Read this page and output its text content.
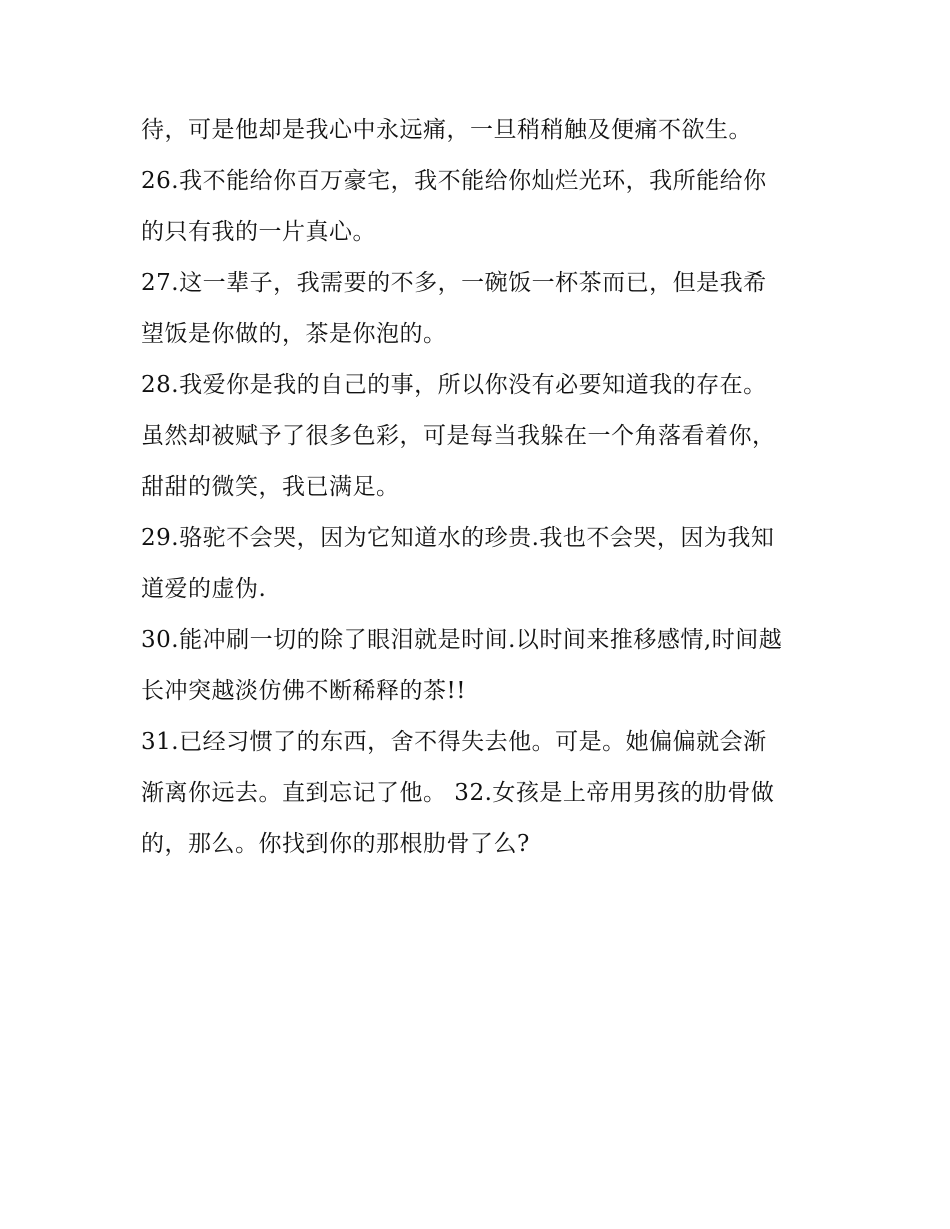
待，可是他却是我心中永远痛，一旦稍稍触及便痛不欲生。
26.我不能给你百万豪宅，我不能给你灿烂光环，我所能给你
的只有我的一片真心。
27.这一辈子，我需要的不多，一碗饭一杯茶而已，但是我希
望饭是你做的，茶是你泡的。
28.我爱你是我的自己的事，所以你没有必要知道我的存在。
虽然却被赋予了很多色彩，可是每当我躲在一个角落看着你，
甜甜的微笑，我已满足。
29.骆驼不会哭，因为它知道水的珍贵.我也不会哭，因为我知
道爱的虚伪.
30.能冲刷一切的除了眼泪就是时间.以时间来推移感情,时间越
长冲突越淡仿佛不断稀释的茶!!
31.已经习惯了的东西，舍不得失去他。可是。她偏偏就会渐
渐离你远去。直到忘记了他。 32.女孩是上帝用男孩的肋骨做
的，那么。你找到你的那根肋骨了么?
